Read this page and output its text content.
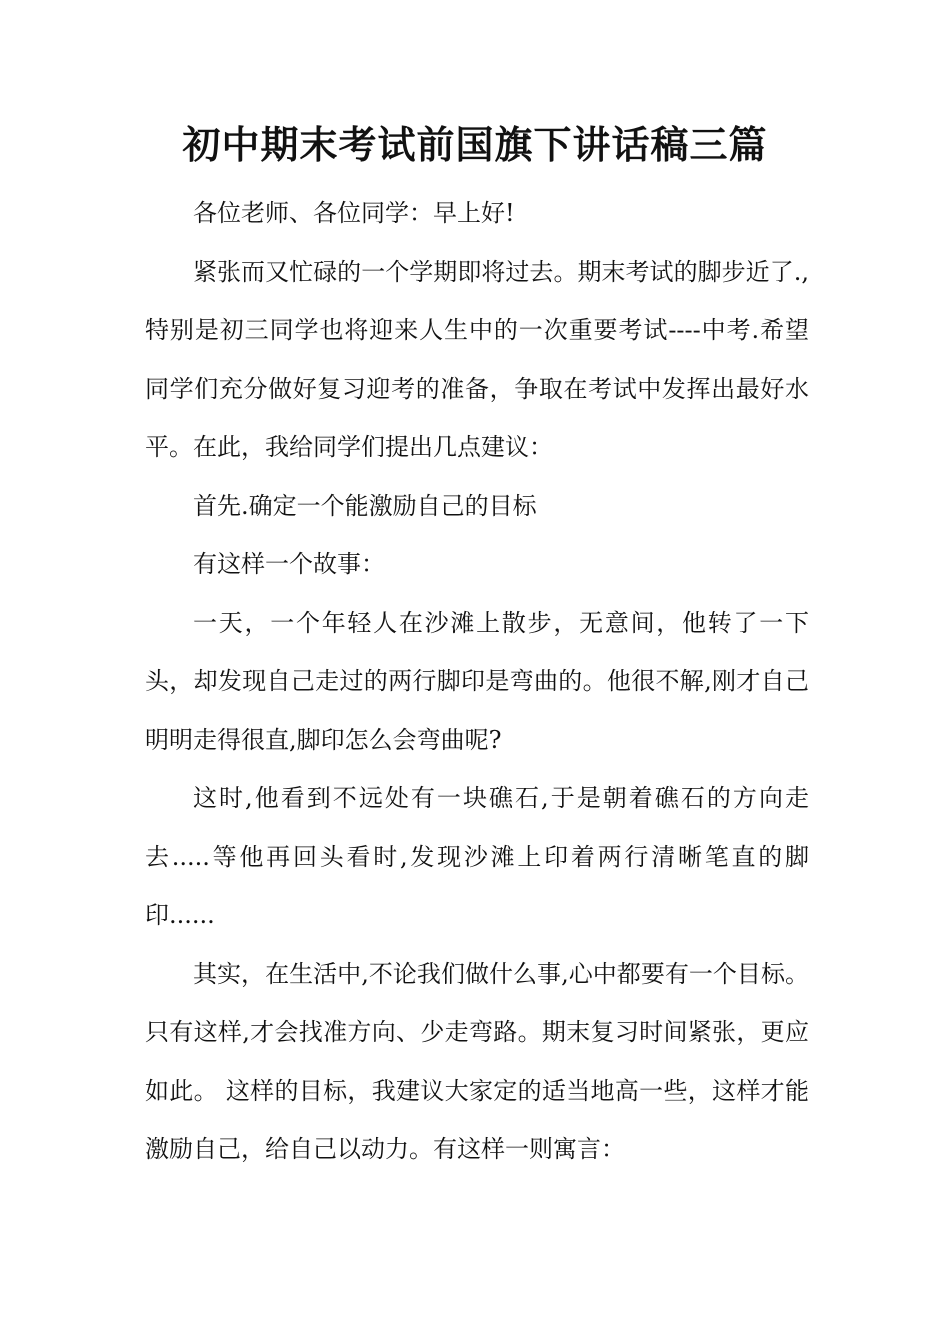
初中期末考试前国旗下讲话稿三篇

各位老师、各位同学：早上好!

紧张而又忙碌的一个学期即将过去。期末考试的脚步近了.,特别是初三同学也将迎来人生中的一次重要考试----中考.希望同学们充分做好复习迎考的准备，争取在考试中发挥出最好水平。在此，我给同学们提出几点建议：

首先.确定一个能激励自己的目标

有这样一个故事：

一天，一个年轻人在沙滩上散步，无意间，他转了一下头，却发现自己走过的两行脚印是弯曲的。他很不解,刚才自己明明走得很直,脚印怎么会弯曲呢?

这时,他看到不远处有一块礁石,于是朝着礁石的方向走去.....等他再回头看时,发现沙滩上印着两行清晰笔直的脚印......

其实，在生活中,不论我们做什么事,心中都要有一个目标。只有这样,才会找准方向、少走弯路。期末复习时间紧张，更应如此。 这样的目标，我建议大家定的适当地高一些，这样才能激励自己，给自己以动力。有这样一则寓言：
